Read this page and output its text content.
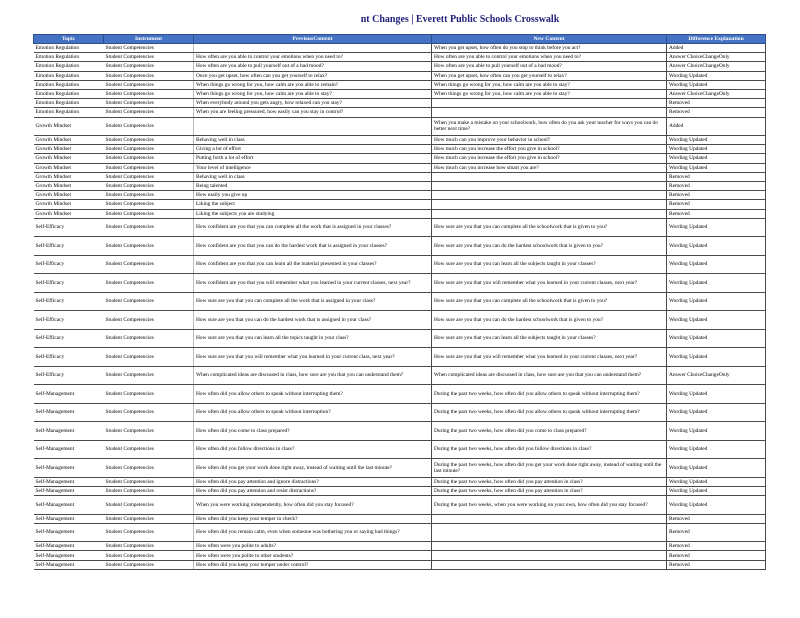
nt Changes | Everett Public Schools Crosswalk
Topic	Instrument	PreviousContent	New Content	Difference Explanation
Emotion Regulation	Student Competencies		When you get upset, how often do you stop to think before you act?	Added
Emotion Regulation	Student Competencies	How often are you able to control your emotions when you need to?	How often are you able to control your emotions when you need to?	Answer ChoiceChangeOnly
Emotion Regulation	Student Competencies	How often are you able to pull yourself out of a bad mood?	How often are you able to pull yourself out of a bad mood?	Answer ChoiceChangeOnly
Emotion Regulation	Student Competencies	Once you get upset, how often can you get yourself to relax?	When you get upset, how often can you get yourself to relax?	Wording Updated
Emotion Regulation	Student Competencies	When things go wrong for you, how calm are you able to remain?	When things go wrong for you, how calm are you able to stay?	Wording Updated
Emotion Regulation	Student Competencies	When things go wrong for you, how calm are you able to stay?	When things go wrong for you, how calm are you able to stay?	Answer ChoiceChangeOnly
Emotion Regulation	Student Competencies	When everybody around you gets angry, how relaxed can you stay?		Removed
Emotion Regulation	Student Competencies	When you are feeling pressured, how easily can you stay in control?		Removed
Growth Mindset	Student Competencies		When you make a mistake on your schoolwork, how often do you ask your teacher for ways you can do better next time?	Added
Growth Mindset	Student Competencies	Behaving well in class	How much can you improve your behavior in school?	Wording Updated
Growth Mindset	Student Competencies	Giving a lot of effort	How much can you increase the effort you give in school?	Wording Updated
Growth Mindset	Student Competencies	Putting forth a lot of effort	How much can you increase the effort you give in school?	Wording Updated
Growth Mindset	Student Competencies	Your level of intelligence	How much can you increase how smart you are?	Wording Updated
Growth Mindset	Student Competencies	Behaving well in class		Removed
Growth Mindset	Student Competencies	Being talented		Removed
Growth Mindset	Student Competencies	How easily you give up		Removed
Growth Mindset	Student Competencies	Liking the subject		Removed
Growth Mindset	Student Competencies	Liking the subjects you are studying		Removed
Self-Efficacy	Student Competencies	How confident are you that you can complete all the work that is assigned in your classes?	How sure are you that you can complete all the schoolwork that is given to you?	Wording Updated
Self-Efficacy	Student Competencies	How confident are you that you can do the hardest work that is assigned in your classes?	How sure are you that you can do the hardest schoolwork that is given to you?	Wording Updated
Self-Efficacy	Student Competencies	How confident are you that you can learn all the material presented in your classes?	How sure are you that you can learn all the subjects taught in your classes?	Wording Updated
Self-Efficacy	Student Competencies	How confident are you that you will remember what you learned in your current classes, next year?	How sure are you that you will remember what you learned in your current classes, next year?	Wording Updated
Self-Efficacy	Student Competencies	How sure are you that you can complete all the work that is assigned in your class?	How sure are you that you can complete all the schoolwork that is given to you?	Wording Updated
Self-Efficacy	Student Competencies	How sure are you that you can do the hardest work that is assigned in your class?	How sure are you that you can do the hardest schoolwork that is given to you?	Wording Updated
Self-Efficacy	Student Competencies	How sure are you that you can learn all the topics taught in your class?	How sure are you that you can learn all the subjects taught in your classes?	Wording Updated
Self-Efficacy	Student Competencies	How sure are you that you will remember what you learned in your current class, next year?	How sure are you that you will remember what you learned in your current classes, next year?	Wording Updated
Self-Efficacy	Student Competencies	When complicated ideas are discussed in class, how sure are you that you can understand them?	When complicated ideas are discussed in class, how sure are you that you can understand them?	Answer ChoiceChangeOnly
Self-Management	Student Competencies	How often did you allow others to speak without interrupting them?	During the past two weeks, how often did you allow others to speak without interrupting them?	Wording Updated
Self-Management	Student Competencies	How often did you allow others to speak without interruption?	During the past two weeks, how often did you allow others to speak without interrupting them?	Wording Updated
Self-Management	Student Competencies	How often did you come to class prepared?	During the past two weeks, how often did you come to class prepared?	Wording Updated
Self-Management	Student Competencies	How often did you follow directions in class?	During the past two weeks, how often did you follow directions in class?	Wording Updated
Self-Management	Student Competencies	How often did you get your work done right away, instead of waiting until the last minute?	During the past two weeks, how often did you get your work done right away, instead of waiting until the last minute?	Wording Updated
Self-Management	Student Competencies	How often did you pay attention and ignore distractions?	During the past two weeks, how often did you pay attention in class?	Wording Updated
Self-Management	Student Competencies	How often did you pay attention and resist distractions?	During the past two weeks, how often did you pay attention in class?	Wording Updated
Self-Management	Student Competencies	When you were working independently, how often did you stay focused?	During the past two weeks, when you were working on your own, how often did you stay focused?	Wording Updated
Self-Management	Student Competencies	How often did you keep your temper in check?		Removed
Self-Management	Student Competencies	How often did you remain calm, even when someone was bothering you or saying bad things?		Removed
Self-Management	Student Competencies	How often were you polite to adults?		Removed
Self-Management	Student Competencies	How often were you polite to other students?		Removed
Self-Management	Student Competencies	How often did you keep your temper under control?		Removed
